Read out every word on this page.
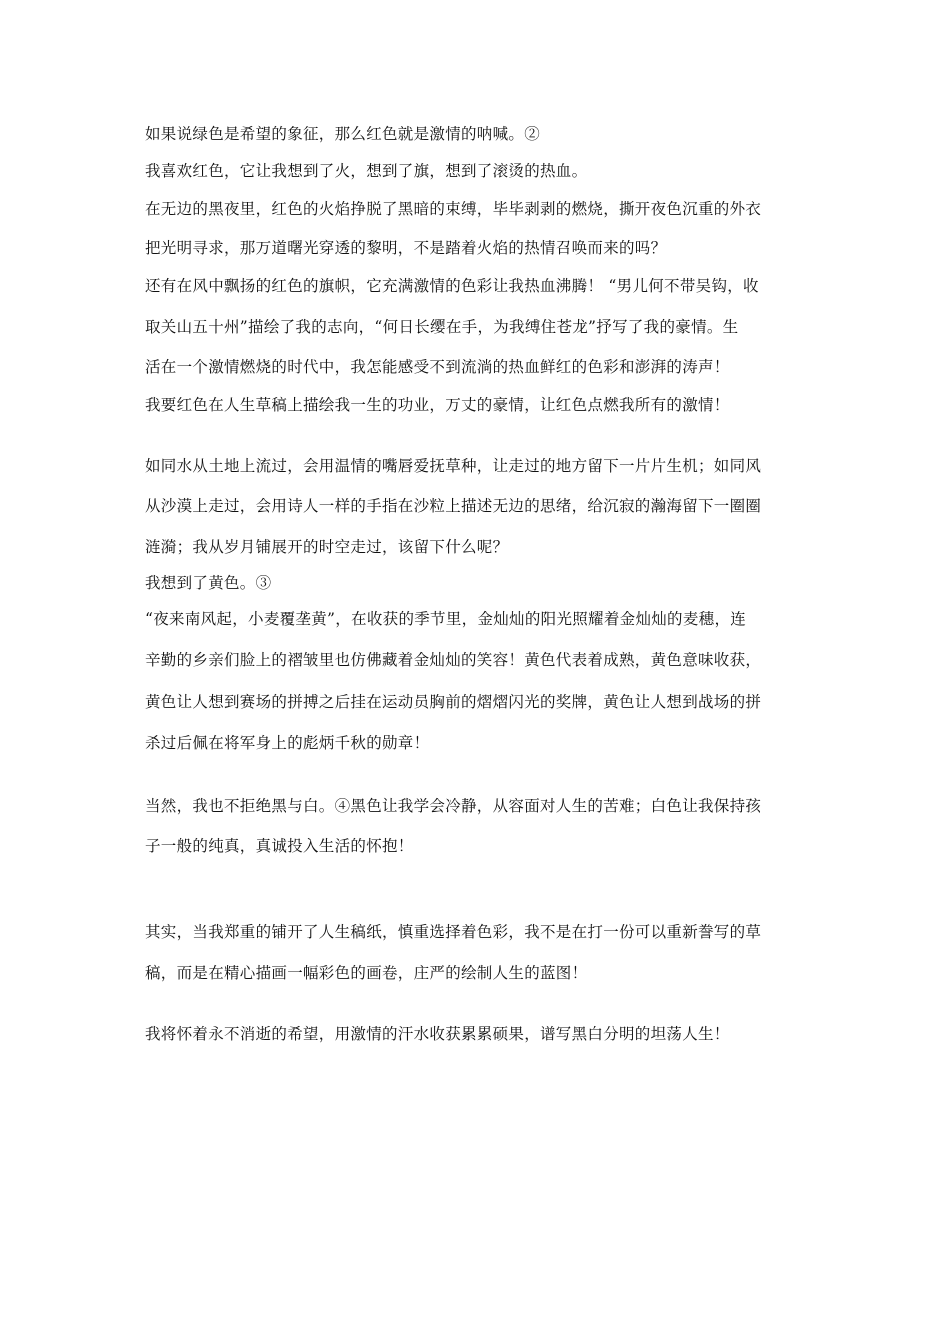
如果说绿色是希望的象征，那么红色就是激情的呐喊。②
我喜欢红色，它让我想到了火，想到了旗，想到了滚烫的热血。
在无边的黑夜里，红色的火焰挣脱了黑暗的束缚，毕毕剥剥的燃烧，撕开夜色沉重的外衣
把光明寻求，那万道曙光穿透的黎明，不是踏着火焰的热情召唤而来的吗？
还有在风中飘扬的红色的旗帜，它充满激情的色彩让我热血沸腾！ “男儿何不带吴钩，收
取关山五十州”描绘了我的志向，“何日长缨在手，为我缚住苍龙”抒写了我的豪情。生
活在一个激情燃烧的时代中，我怎能感受不到流淌的热血鲜红的色彩和澎湃的涛声！
我要红色在人生草稿上描绘我一生的功业，万丈的豪情，让红色点燃我所有的激情！
如同水从土地上流过，会用温情的嘴唇爱抚草种，让走过的地方留下一片片生机；如同风
从沙漠上走过，会用诗人一样的手指在沙粒上描述无边的思绪，给沉寂的瀚海留下一圈圈
涟漪；我从岁月铺展开的时空走过，该留下什么呢？
我想到了黄色。③
“夜来南风起，小麦覆垄黄”，在收获的季节里，金灿灿的阳光照耀着金灿灿的麦穗，连
辛勤的乡亲们脸上的褶皱里也仿佛藏着金灿灿的笑容！黄色代表着成熟，黄色意味收获，
黄色让人想到赛场的拼搏之后挂在运动员胸前的熠熠闪光的奖牌，黄色让人想到战场的拼
杀过后佩在将军身上的彪炳千秋的勋章！
当然，我也不拒绝黑与白。④黑色让我学会冷静，从容面对人生的苦难；白色让我保持孩
子一般的纯真，真诚投入生活的怀抱！
其实，当我郑重的铺开了人生稿纸，慎重选择着色彩，我不是在打一份可以重新誊写的草
稿，而是在精心描画一幅彩色的画卷，庄严的绘制人生的蓝图！
我将怀着永不消逝的希望，用激情的汗水收获累累硕果，谱写黑白分明的坦荡人生！
